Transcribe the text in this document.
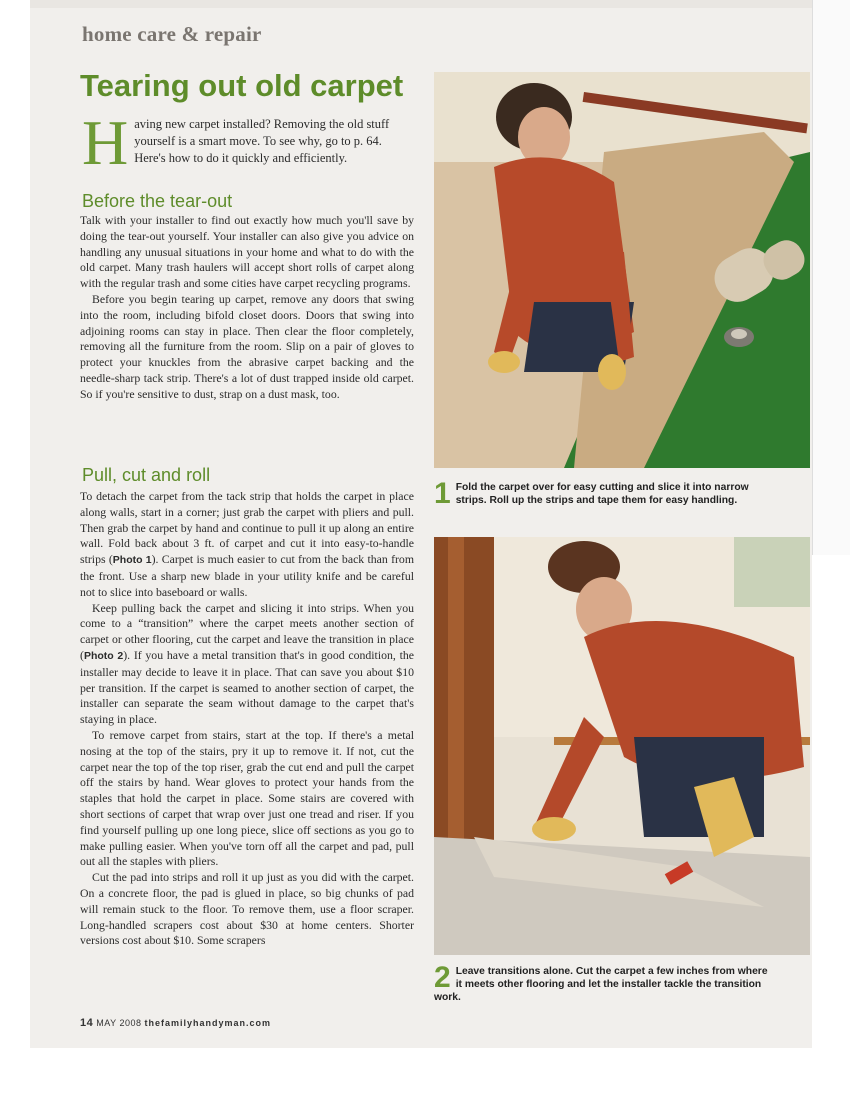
home care & repair
Tearing out old carpet
Having new carpet installed? Removing the old stuff yourself is a smart move. To see why, go to p. 64. Here's how to do it quickly and efficiently.
Before the tear-out

Talk with your installer to find out exactly how much you'll save by doing the tear-out yourself. Your installer can also give you advice on handling any unusual situations in your home and what to do with the old carpet. Many trash haulers will accept short rolls of carpet along with the regular trash and some cities have carpet recycling programs.

Before you begin tearing up carpet, remove any doors that swing into the room, including bifold closet doors. Doors that swing into adjoining rooms can stay in place. Then clear the floor completely, removing all the furniture from the room. Slip on a pair of gloves to protect your knuckles from the abrasive carpet backing and the needle-sharp tack strip. There's a lot of dust trapped inside old carpet. So if you're sensitive to dust, strap on a dust mask, too.

Pull, cut and roll

To detach the carpet from the tack strip that holds the carpet in place along walls, start in a corner; just grab the carpet with pliers and pull. Then grab the carpet by hand and continue to pull it up along an entire wall. Fold back about 3 ft. of carpet and cut it into easy-to-handle strips (Photo 1). Carpet is much easier to cut from the back than from the front. Use a sharp new blade in your utility knife and be careful not to slice into baseboard or walls.

Keep pulling back the carpet and slicing it into strips. When you come to a “transition” where the carpet meets another section of carpet or other flooring, cut the carpet and leave the transition in place (Photo 2). If you have a metal transition that's in good condition, the installer may decide to leave it in place. That can save you about $10 per transition. If the carpet is seamed to another section of carpet, the installer can separate the seam without damage to the carpet that's staying in place.

To remove carpet from stairs, start at the top. If there's a metal nosing at the top of the stairs, pry it up to remove it. If not, cut the carpet near the top of the top riser, grab the cut end and pull the carpet off the stairs by hand. Wear gloves to protect your hands from the staples that hold the carpet in place. Some stairs are covered with short sections of carpet that wrap over just one tread and riser. If you find yourself pulling up one long piece, slice off sections as you go to make pulling easier. When you've torn off all the carpet and pad, pull out all the staples with pliers.

Cut the pad into strips and roll it up just as you did with the carpet. On a concrete floor, the pad is glued in place, so big chunks of pad will remain stuck to the floor. To remove them, use a floor scraper. Long-handled scrapers cost about $30 at home centers. Shorter versions cost about $10. Some scrapers

1 Fold the carpet over for easy cutting and slice it into narrow strips. Roll up the strips and tape them for easy handling.
2 Leave transitions alone. Cut the carpet a few inches from where it meets other flooring and let the installer tackle the transition work.
14 MAY 2008 thefamilyhandyman.com
